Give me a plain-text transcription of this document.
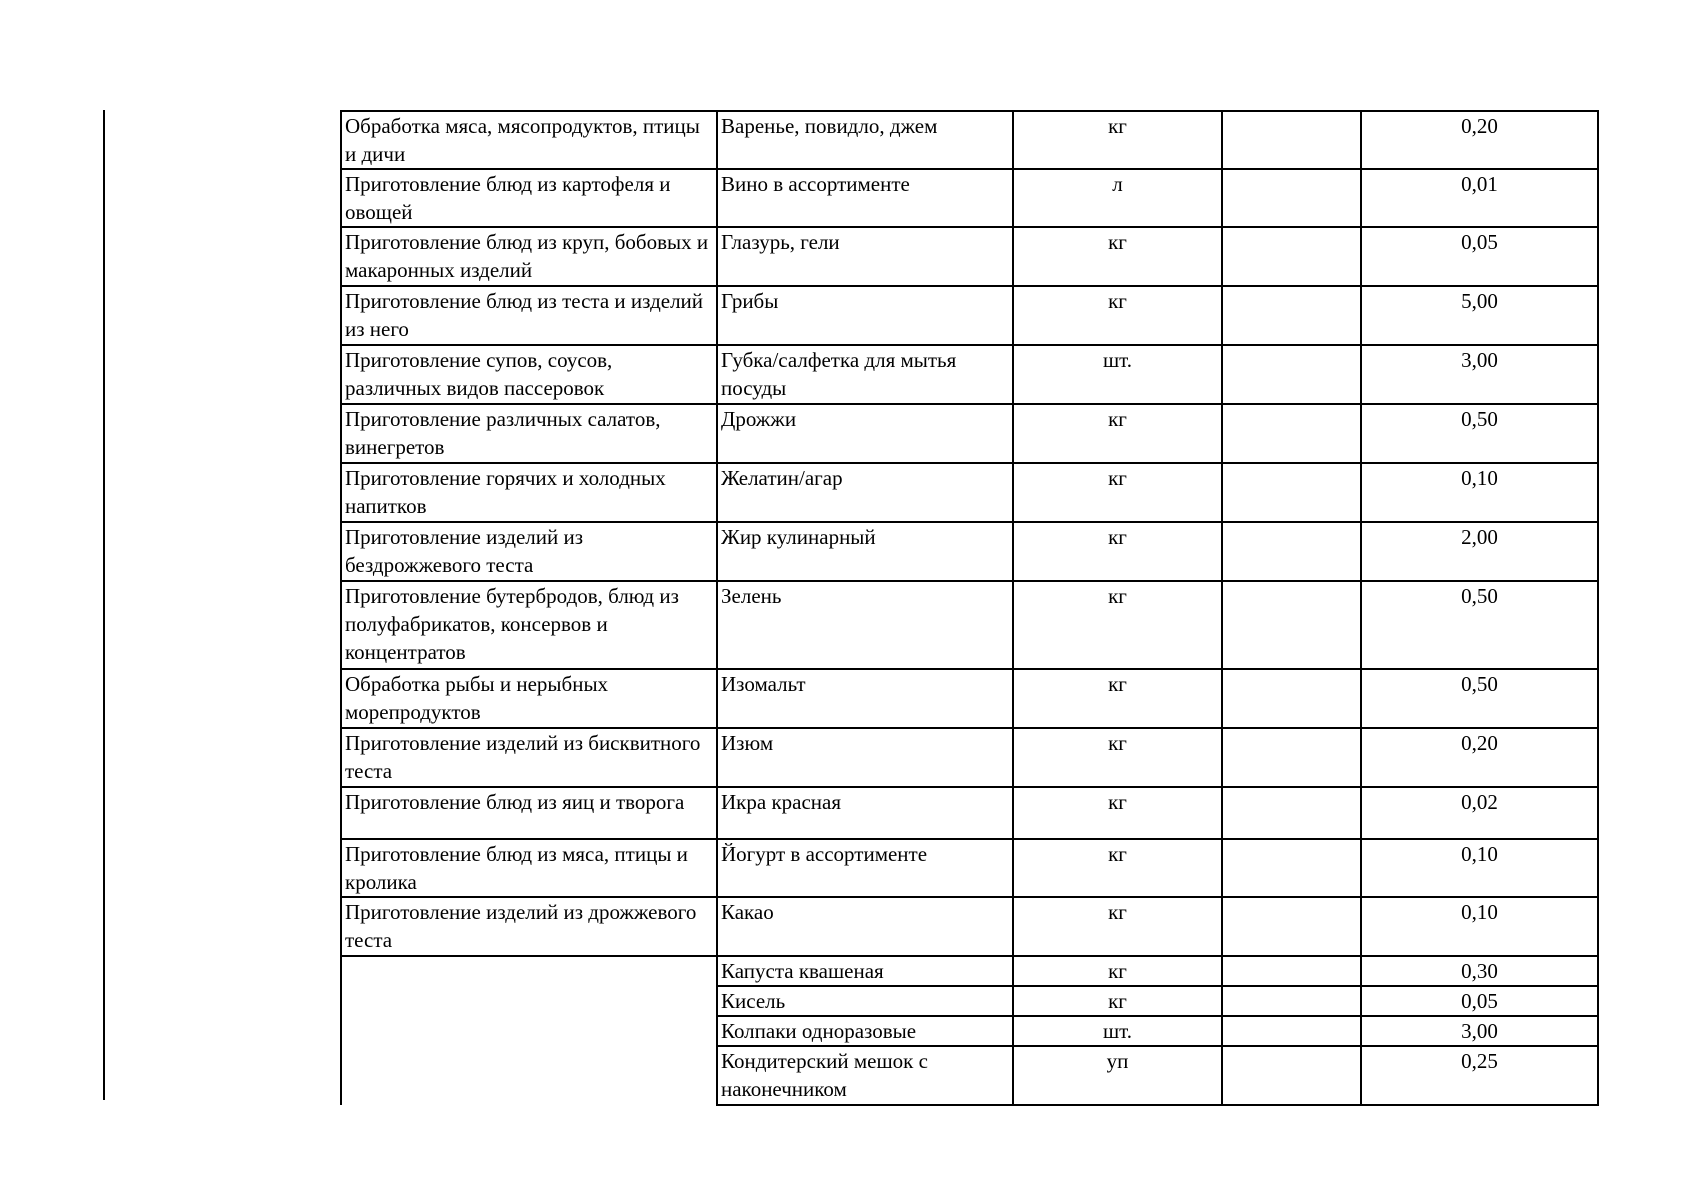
Обработка мяса, мясопродуктов, птицы и дичи	Варенье, повидло, джем	кг		0,20
Приготовление блюд из картофеля и овощей	Вино в ассортименте	л		0,01
Приготовление блюд из круп, бобовых и макаронных изделий	Глазурь, гели	кг		0,05
Приготовление блюд из теста и изделий из него	Грибы	кг		5,00
Приготовление супов, соусов, различных видов пассеровок	Губка/салфетка для мытья посуды	шт.		3,00
Приготовление различных салатов, винегретов	Дрожжи	кг		0,50
Приготовление горячих и холодных напитков	Желатин/агар	кг		0,10
Приготовление изделий из бездрожжевого теста	Жир кулинарный	кг		2,00
Приготовление бутербродов, блюд из полуфабрикатов, консервов и концентратов	Зелень	кг		0,50
Обработка рыбы и нерыбных морепродуктов	Изомальт	кг		0,50
Приготовление изделий из бисквитного теста	Изюм	кг		0,20
Приготовление блюд из яиц и творога	Икра красная	кг		0,02
Приготовление блюд из мяса, птицы и кролика	Йогурт в ассортименте	кг		0,10
Приготовление изделий из дрожжевого теста	Какао	кг		0,10
	Капуста квашеная	кг		0,30
	Кисель	кг		0,05
	Колпаки одноразовые	шт.		3,00
	Кондитерский мешок с наконечником	уп		0,25
